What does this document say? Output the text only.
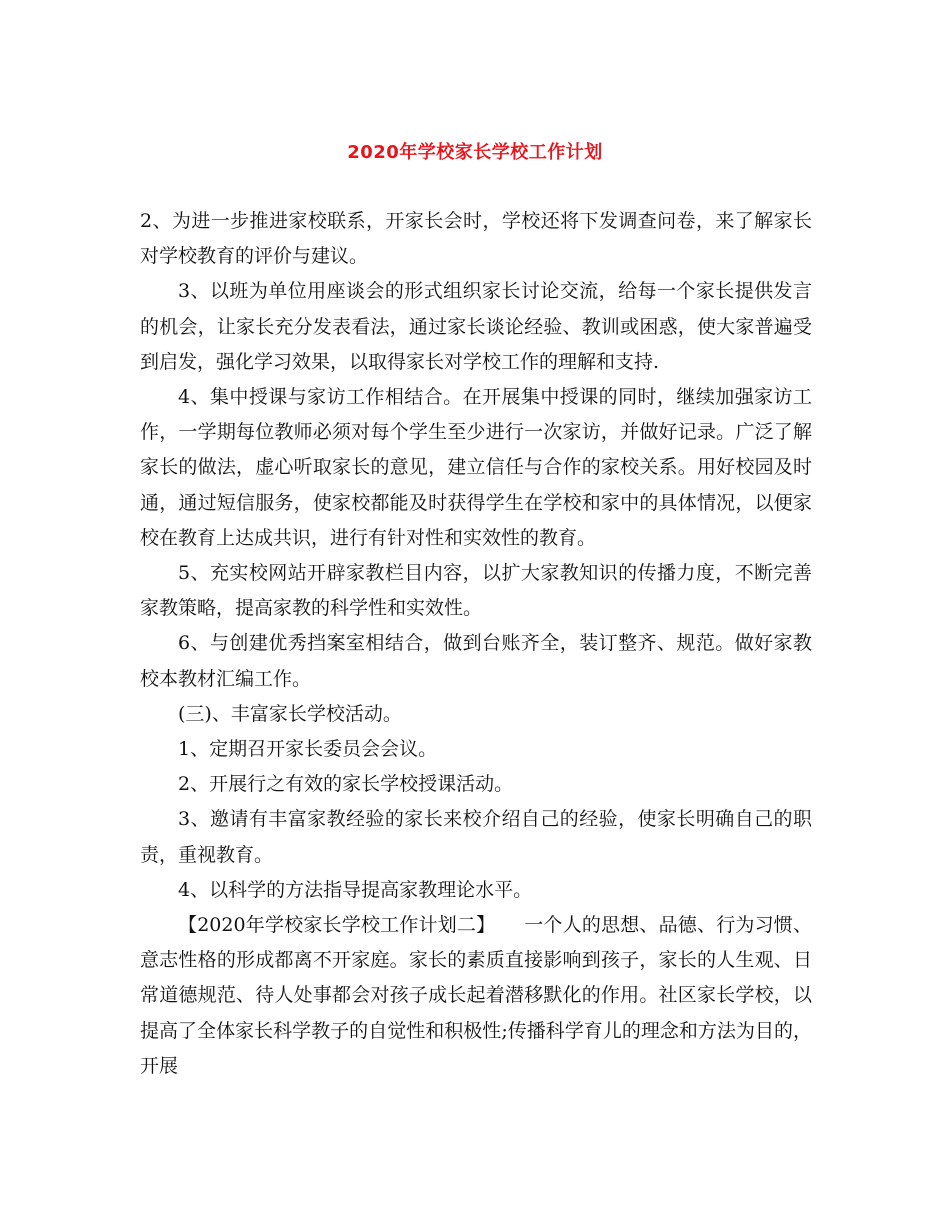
2020年学校家长学校工作计划

2、为进一步推进家校联系，开家长会时，学校还将下发调查问卷，来了解家长对学校教育的评价与建议。

3、以班为单位用座谈会的形式组织家长讨论交流，给每一个家长提供发言的机会，让家长充分发表看法，通过家长谈论经验、教训或困惑，使大家普遍受到启发，强化学习效果，以取得家长对学校工作的理解和支持.

4、集中授课与家访工作相结合。在开展集中授课的同时，继续加强家访工作，一学期每位教师必须对每个学生至少进行一次家访，并做好记录。广泛了解家长的做法，虚心听取家长的意见，建立信任与合作的家校关系。用好校园及时通，通过短信服务，使家校都能及时获得学生在学校和家中的具体情况，以便家校在教育上达成共识，进行有针对性和实效性的教育。

5、充实校网站开辟家教栏目内容，以扩大家教知识的传播力度，不断完善家教策略，提高家教的科学性和实效性。

6、与创建优秀挡案室相结合，做到台账齐全，装订整齐、规范。做好家教校本教材汇编工作。

(三)、丰富家长学校活动。

1、定期召开家长委员会会议。

2、开展行之有效的家长学校授课活动。

3、邀请有丰富家教经验的家长来校介绍自己的经验，使家长明确自己的职责，重视教育。

4、以科学的方法指导提高家教理论水平。

【2020年学校家长学校工作计划二】　　一个人的思想、品德、行为习惯、意志性格的形成都离不开家庭。家长的素质直接影响到孩子，家长的人生观、日常道德规范、待人处事都会对孩子成长起着潜移默化的作用。社区家长学校，以提高了全体家长科学教子的自觉性和积极性;传播科学育儿的理念和方法为目的，开展
